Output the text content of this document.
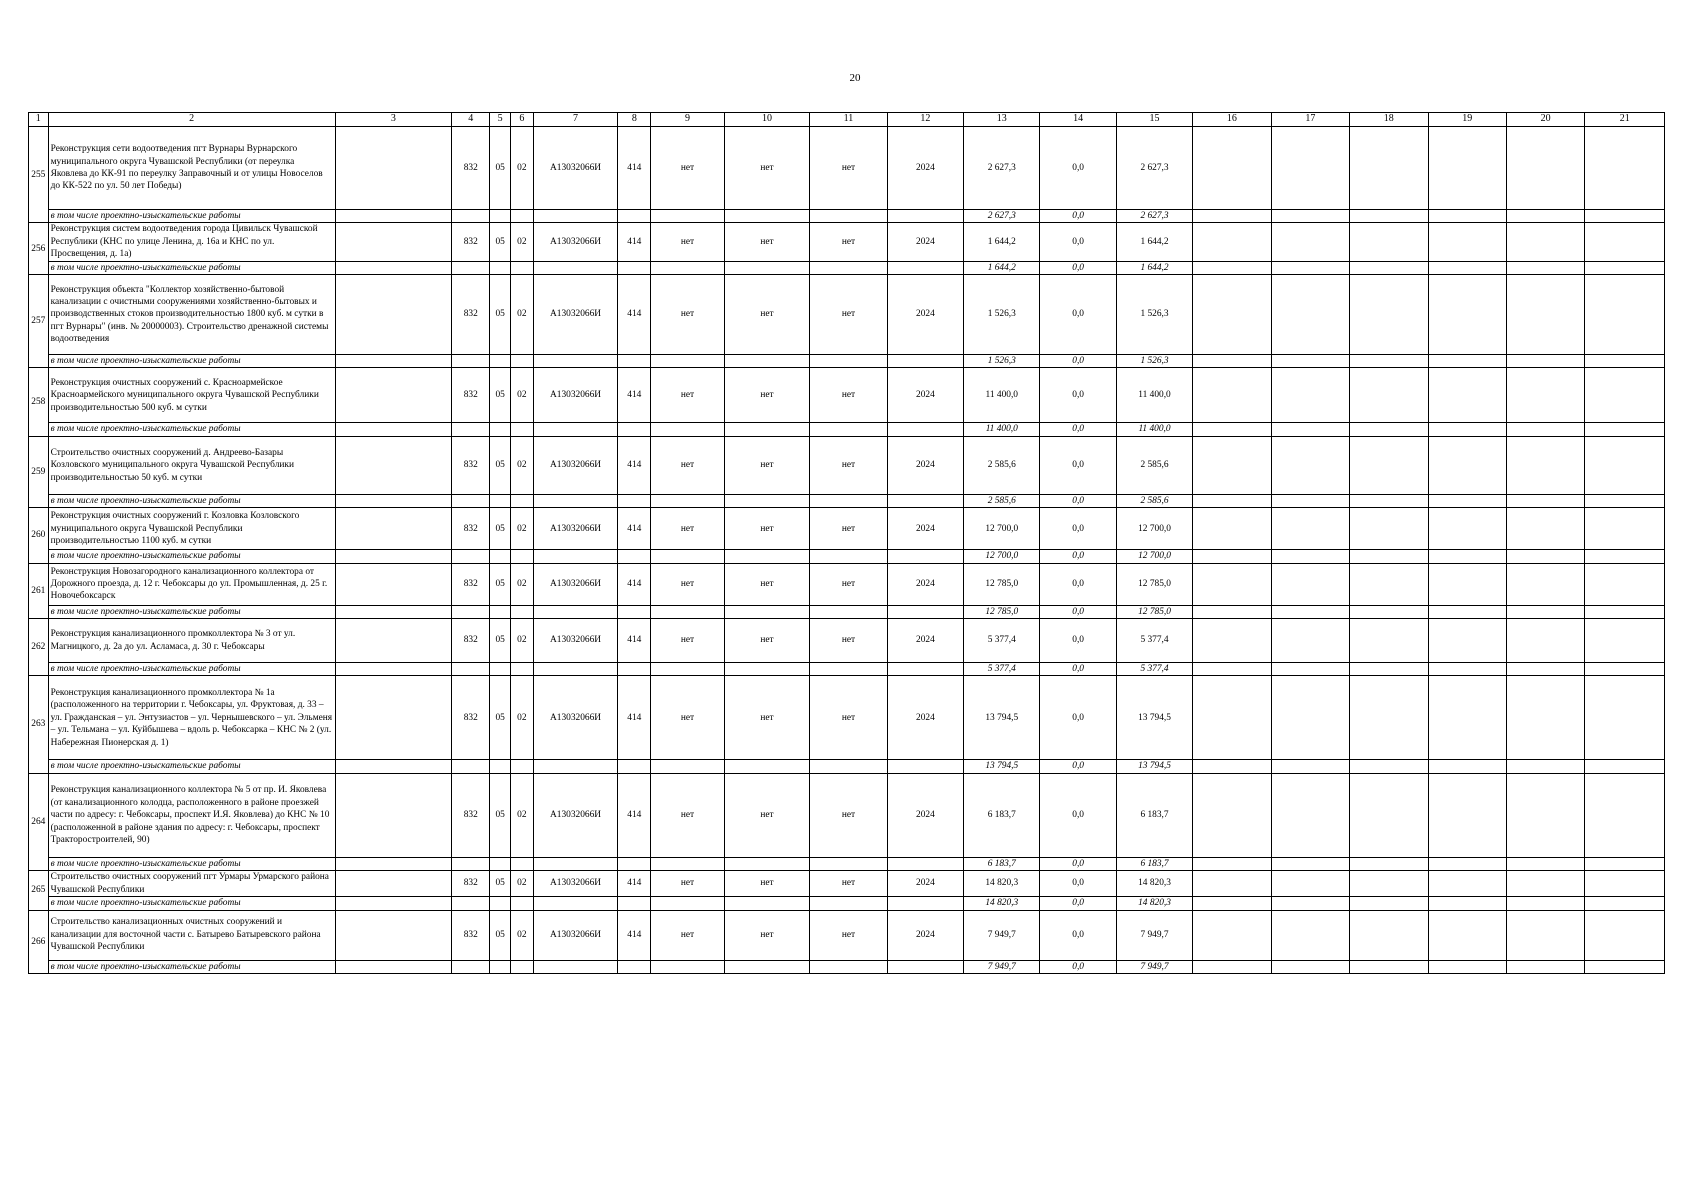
20
1	2	3	4	5	6	7	8	9	10	11	12	13	14	15	16	17	18	19	20	21
255	Реконструкция сети водоотведения пгт Вурнары Вурнарского муниципального округа Чувашской Республики (от переулка Яковлева до КК-91 по переулку Заправочный и от улицы Новоселов до КК-522 по ул. 50 лет Победы)		832	05	02	А13032066И	414	нет	нет	нет	2024	2 627,3	0,0	2 627,3						
	в том числе проектно-изыскательские работы											2 627,3	0,0	2 627,3						
256	Реконструкция систем водоотведения города Цивильск Чувашской Республики (КНС по улице Ленина, д. 16а и КНС по ул. Просвещения, д. 1а)		832	05	02	А13032066И	414	нет	нет	нет	2024	1 644,2	0,0	1 644,2						
	в том числе проектно-изыскательские работы											1 644,2	0,0	1 644,2						
257	Реконструкция объекта "Коллектор хозяйственно-бытовой канализации с очистными сооружениями хозяйственно-бытовых и производственных стоков производительностью 1800 куб. м сутки в пгт Вурнары" (инв. № 20000003). Строительство дренажной системы водоотведения		832	05	02	А13032066И	414	нет	нет	нет	2024	1 526,3	0,0	1 526,3						
	в том числе проектно-изыскательские работы											1 526,3	0,0	1 526,3						
258	Реконструкция очистных сооружений с. Красноармейское Красноармейского муниципального округа Чувашской Республики производительностью 500 куб. м сутки		832	05	02	А13032066И	414	нет	нет	нет	2024	11 400,0	0,0	11 400,0						
	в том числе проектно-изыскательские работы											11 400,0	0,0	11 400,0						
259	Строительство очистных сооружений д. Андреево-Базары Козловского муниципального округа Чувашской Республики производительностью 50 куб. м сутки		832	05	02	А13032066И	414	нет	нет	нет	2024	2 585,6	0,0	2 585,6						
	в том числе проектно-изыскательские работы											2 585,6	0,0	2 585,6						
260	Реконструкция очистных сооружений г. Козловка Козловского муниципального округа Чувашской Республики производительностью 1100 куб. м сутки		832	05	02	А13032066И	414	нет	нет	нет	2024	12 700,0	0,0	12 700,0						
	в том числе проектно-изыскательские работы											12 700,0	0,0	12 700,0						
261	Реконструкция Новозагородного канализационного коллектора от Дорожного проезда, д. 12 г. Чебоксары до ул. Промышленная, д. 25 г. Новочебоксарск		832	05	02	А13032066И	414	нет	нет	нет	2024	12 785,0	0,0	12 785,0						
	в том числе проектно-изыскательские работы											12 785,0	0,0	12 785,0						
262	Реконструкция канализационного промколлектора № 3 от ул. Магницкого, д. 2а до ул. Асламаса, д. 30 г. Чебоксары		832	05	02	А13032066И	414	нет	нет	нет	2024	5 377,4	0,0	5 377,4						
	в том числе проектно-изыскательские работы											5 377,4	0,0	5 377,4						
263	Реконструкция канализационного промколлектора № 1а (расположенного на территории г. Чебоксары, ул. Фруктовая, д. 33 – ул. Гражданская – ул. Энтузиастов – ул. Чернышевского – ул. Эльменя – ул. Тельмана – ул. Куйбышева – вдоль р. Чебоксарка – КНС № 2 (ул. Набережная Пионерская д. 1)		832	05	02	А13032066И	414	нет	нет	нет	2024	13 794,5	0,0	13 794,5						
	в том числе проектно-изыскательские работы											13 794,5	0,0	13 794,5						
264	Реконструкция канализационного коллектора № 5 от пр. И. Яковлева (от канализационного колодца, расположенного в районе проезжей части по адресу: г. Чебоксары, проспект И.Я. Яковлева) до КНС № 10 (расположенной в районе здания по адресу: г. Чебоксары, проспект Тракторостроителей, 90)		832	05	02	А13032066И	414	нет	нет	нет	2024	6 183,7	0,0	6 183,7						
	в том числе проектно-изыскательские работы											6 183,7	0,0	6 183,7						
265	Строительство очистных сооружений пгт Урмары Урмарского района Чувашской Республики		832	05	02	А13032066И	414	нет	нет	нет	2024	14 820,3	0,0	14 820,3						
	в том числе проектно-изыскательские работы											14 820,3	0,0	14 820,3						
266	Строительство канализационных очистных сооружений и канализации для восточной части с. Батырево Батыревского района Чувашской Республики		832	05	02	А13032066И	414	нет	нет	нет	2024	7 949,7	0,0	7 949,7						
	в том числе проектно-изыскательские работы											7 949,7	0,0	7 949,7						
